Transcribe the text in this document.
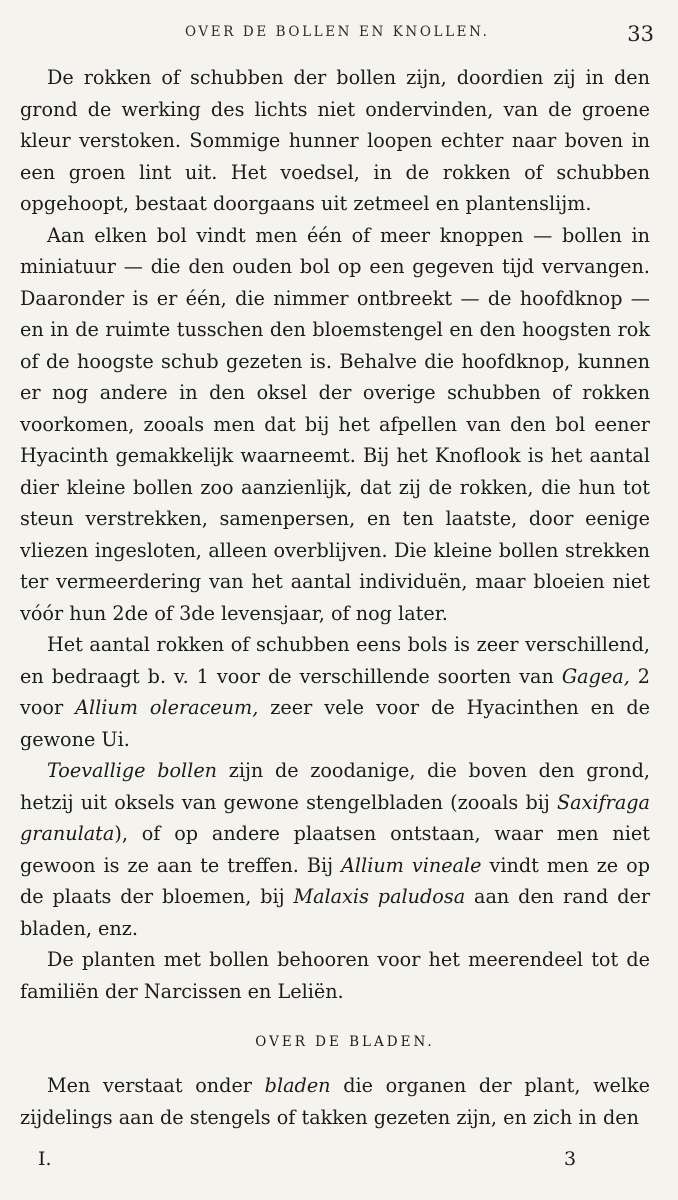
OVER DE BOLLEN EN KNOLLEN.	33

De rokken of schubben der bollen zijn, doordien zij in den grond de werking des lichts niet ondervinden, van de groene kleur verstoken. Sommige hunner loopen echter naar boven in een groen lint uit. Het voedsel, in de rokken of schubben opgehoopt, bestaat doorgaans uit zetmeel en plantenslijm.

Aan elken bol vindt men één of meer knoppen — bollen in miniatuur — die den ouden bol op een gegeven tijd vervangen. Daaronder is er één, die nimmer ontbreekt — de hoofdknop — en in de ruimte tusschen den bloemstengel en den hoogsten rok of de hoogste schub gezeten is. Behalve die hoofdknop, kunnen er nog andere in den oksel der overige schubben of rokken voorkomen, zooals men dat bij het afpellen van den bol eener Hyacinth gemakkelijk waarneemt. Bij het Knoflook is het aantal dier kleine bollen zoo aanzienlijk, dat zij de rokken, die hun tot steun verstrekken, samenpersen, en ten laatste, door eenige vliezen ingesloten, alleen overblijven. Die kleine bollen strekken ter vermeerdering van het aantal individuën, maar bloeien niet vóór hun 2de of 3de levensjaar, of nog later.

Het aantal rokken of schubben eens bols is zeer verschillend, en bedraagt b. v. 1 voor de verschillende soorten van Gagea, 2 voor Allium oleraceum, zeer vele voor de Hyacinthen en de gewone Ui.

Toevallige bollen zijn de zoodanige, die boven den grond, hetzij uit oksels van gewone stengelbladen (zooals bij Saxifraga granulata), of op andere plaatsen ontstaan, waar men niet gewoon is ze aan te treffen. Bij Allium vineale vindt men ze op de plaats der bloemen, bij Malaxis paludosa aan den rand der bladen, enz.

De planten met bollen behooren voor het meerendeel tot de familiën der Narcissen en Leliën.

OVER DE BLADEN.

Men verstaat onder bladen die organen der plant, welke zijdelings aan de stengels of takken gezeten zijn, en zich in den

I.	3
